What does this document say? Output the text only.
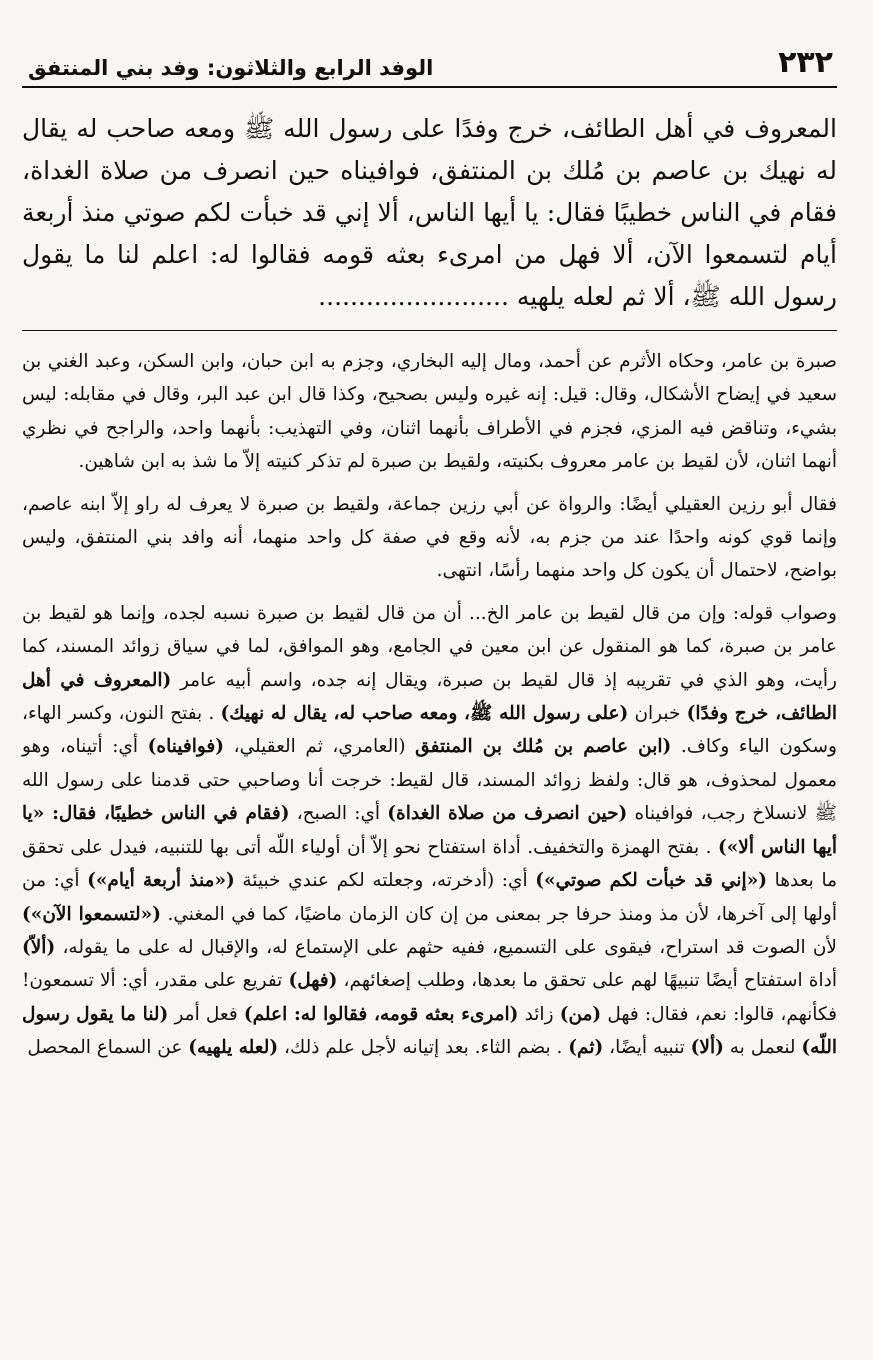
٢٣٢
الوفد الرابع والثلاثون: وفد بني المنتفق

المعروف في أهل الطائف، خرج وفدًا على رسول الله ﷺ ومعه صاحب له يقال له نهيك بن عاصم بن مُلك بن المنتفق، فوافيناه حين انصرف من صلاة الغداة، فقام في الناس خطيبًا فقال: يا أيها الناس، ألا إني قد خبأت لكم صوتي منذ أربعة أيام لتسمعوا الآن، ألا فهل من امرىء بعثه قومه فقالوا له: اعلم لنا ما يقول رسول الله ﷺ، ألا ثم لعله يلهيه ........................

صبرة بن عامر، وحكاه الأثرم عن أحمد، ومال إليه البخاري، وجزم به ابن حبان، وابن السكن، وعبد الغني بن سعيد في إيضاح الأشكال، وقال: قيل: إنه غيره وليس بصحيح، وكذا قال ابن عبد البر، وقال في مقابله: ليس بشيء، وتناقض فيه المزي، فجزم في الأطراف بأنهما اثنان، وفي التهذيب: بأنهما واحد، والراجح في نظري أنهما اثنان، لأن لقيط بن عامر معروف بكنيته، ولقيط بن صبرة لم تذكر كنيته إلاّ ما شذ به ابن شاهين.

فقال أبو رزين العقيلي أيضًا: والرواة عن أبي رزين جماعة، ولقيط بن صبرة لا يعرف له راو إلاّ ابنه عاصم، وإنما قوي كونه واحدًا عند من جزم به، لأنه وقع في صفة كل واحد منهما، أنه وافد بني المنتفق، وليس بواضح، لاحتمال أن يكون كل واحد منهما رأسًا، انتهى.

وصواب قوله: وإن من قال لقيط بن عامر الخ... أن من قال لقيط بن صبرة نسبه لجده، وإنما هو لقيط بن عامر بن صبرة، كما هو المنقول عن ابن معين في الجامع، وهو الموافق، لما في سياق زوائد المسند، كما رأيت، وهو الذي في تقريبه إذ قال لقيط بن صبرة، ويقال إنه جده، واسم أبيه عامر (المعروف في أهل الطائف، خرج وفدًا) خبران (على رسول الله ﷺ، ومعه صاحب له، يقال له نهيك) . بفتح النون، وكسر الهاء، وسكون الياء وكاف. (ابن عاصم بن مُلك بن المنتفق (العامري، ثم العقيلي، (فوافيناه) أي: أتيناه، وهو معمول لمحذوف، هو قال: ولفظ زوائد المسند، قال لقيط: خرجت أنا وصاحبي حتى قدمنا على رسول الله ﷺ لانسلاخ رجب، فوافيناه (حين انصرف من صلاة الغداة) أي: الصبح، (فقام في الناس خطيبًا، فقال: «يا أيها الناس ألا») . بفتح الهمزة والتخفيف. أداة استفتاح نحو إلاّ أن أولياء اللّه أتى بها للتنبيه، فيدل على تحقق ما بعدها («إني قد خبأت لكم صوتي») أي: (أدخرته، وجعلته لكم عندي خبيئة («منذ أربعة أيام») أي: من أولها إلى آخرها، لأن مذ ومنذ حرفا جر بمعنى من إن كان الزمان ماضيًا، كما في المغني. («لتسمعوا الآن») لأن الصوت قد استراح، فيقوى على التسميع، ففيه حثهم على الإستماع له، والإقبال له على ما يقوله، (ألاّ) أداة استفتاح أيضًا تنبيهًا لهم على تحقق ما بعدها، وطلب إصغائهم، (فهل) تفريع على مقدر، أي: ألا تسمعون! فكأنهم، قالوا: نعم، فقال: فهل (من) زائد (امرىء بعثه قومه، فقالوا له: اعلم) فعل أمر (لنا ما يقول رسول اللّه) لنعمل به (ألا) تنبيه أيضًا، (ثم) . بضم الثاء. بعد إتيانه لأجل علم ذلك، (لعله يلهيه) عن السماع المحصل
